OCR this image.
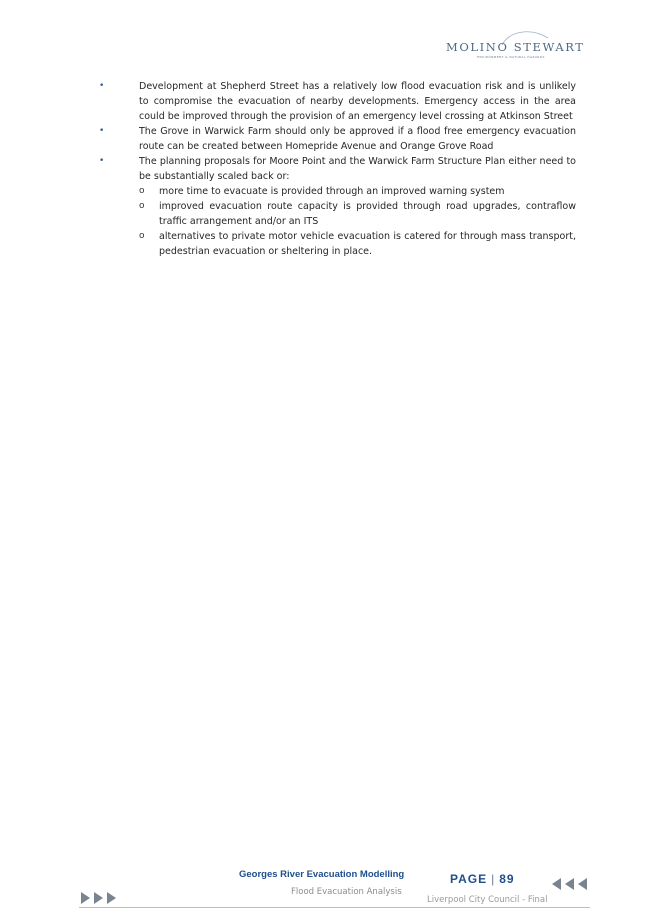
MOLINO STEWART
ENVIRONMENT & NATURAL HAZARDS
•	Development at Shepherd Street has a relatively low flood evacuation risk and is unlikely to compromise the evacuation of nearby developments. Emergency access in the area could be improved through the provision of an emergency level crossing at Atkinson Street
•	The Grove in Warwick Farm should only be approved if a flood free emergency evacuation route can be created between Homepride Avenue and Orange Grove Road
•	The planning proposals for Moore Point and the Warwick Farm Structure Plan either need to be substantially scaled back or:
o more time to evacuate is provided through an improved warning system
o improved evacuation route capacity is provided through road upgrades, contraflow traffic arrangement and/or an ITS
o alternatives to private motor vehicle evacuation is catered for through mass transport, pedestrian evacuation or sheltering in place.
Georges River Evacuation Modelling
Flood Evacuation Analysis
PAGE | 89
Liverpool City Council - Final
